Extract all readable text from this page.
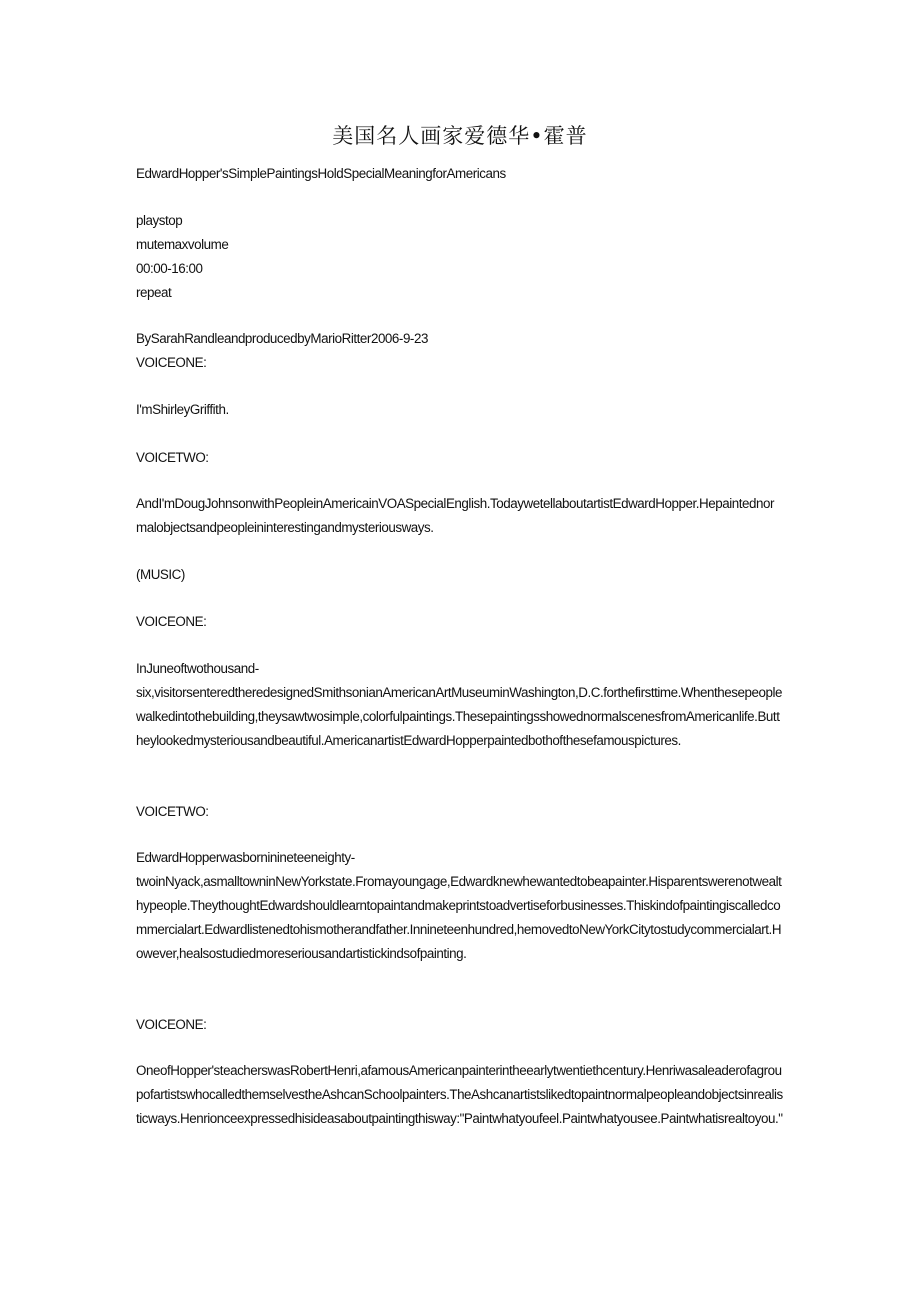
美国名人画家爱德华•霍普

EdwardHopper'sSimplePaintingsHoldSpecialMeaningforAmericans

playstop

mutemaxvolume

00:00-16:00

repeat

BySarahRandleandproducedbyMarioRitter2006-9-23

VOICEONE:

I'mShirleyGriffith.

VOICETWO:

AndI'mDougJohnsonwithPeopleinAmericainVOASpecialEnglish.TodaywetellaboutartistEdwardHopper.Hepaintednormalobjectsandpeopleininterestingandmysteriousways.

(MUSIC)

VOICEONE:

InJuneoftwothousand-

six,visitorsenteredtheredesignedSmithsonianAmericanArtMuseuminWashington,D.C.forthefirsttime.Whenthesepeoplewalkedintothebuilding,theysawtwosimple,colorfulpaintings.ThesepaintingsshowednormalscenesfromAmericanlife.Buttheylookedmysteriousandbeautiful.AmericanartistEdwardHopperpaintedbothofthesefamouspictures.

VOICETWO:

EdwardHopperwasborninineteeneighty-

twoinNyack,asmalltowninNewYorkstate.Fromayoungage,Edwardknewhewantedtobeapainter.Hisparentswerenotwealthypeople.TheythoughtEdwardshouldlearntopaintandmakeprintstoadvertiseforbusinesses.Thiskindofpaintingiscalledcommercialart.Edwardlistenedtohismotherandfather.Innineteenhundred,hemovedtoNewYorkCitytostudycommercialart.However,healsostudiedmoreseriousandartistickindsofpainting.

VOICEONE:

OneofHopper'steacherswasRobertHenri,afamousAmericanpainterintheearlytwentiethcentury.HenriwasaleaderofagroupofartistswhocalledthemselvestheAshcanSchoolpainters.TheAshcanartistslikedtopaintnormalpeopleandobjectsinrealisticways.Henrionceexpressedhisideasaboutpaintingthisway:"Paintwhatyoufeel.Paintwhatyousee.Paintwhatisrealtoyou."
